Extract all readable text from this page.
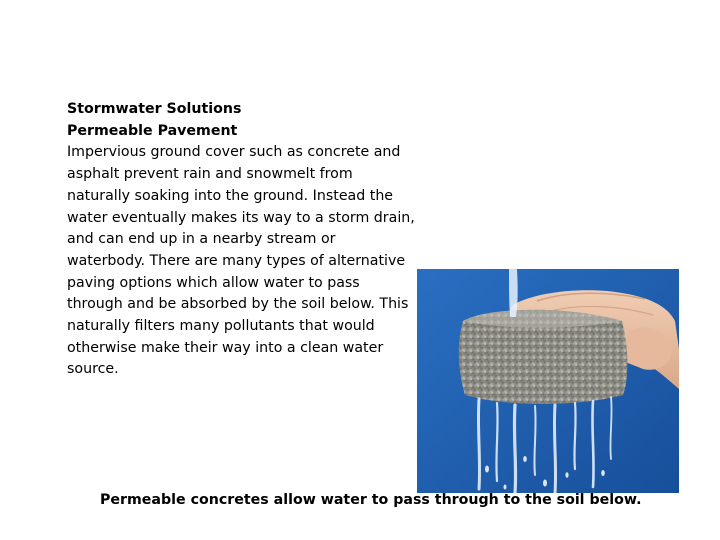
Stormwater Solutions
Permeable Pavement
Impervious ground cover such as concrete and asphalt prevent rain and snowmelt from naturally soaking into the ground. Instead the water eventually makes its way to a storm drain, and can end up in a nearby stream or waterbody. There are many types of alternative paving options which allow water to pass through and be absorbed by the soil below. This naturally filters many pollutants that would otherwise make their way into a clean water source.
Permeable concretes allow water to pass through to the soil below.
